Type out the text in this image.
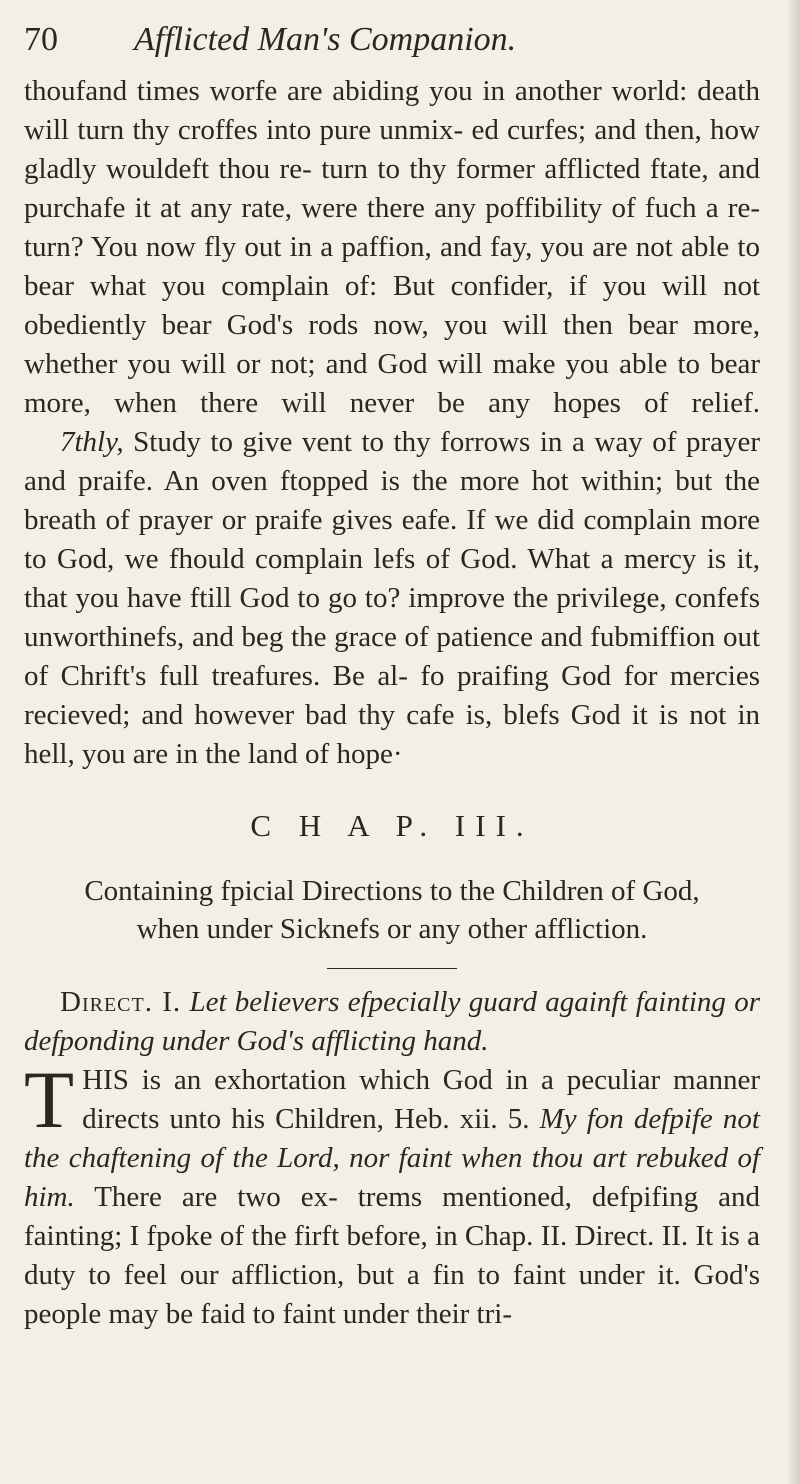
70	Afflicted Man's Companion.

thoufand times worfe are abiding you in another world: death will turn thy croffes into pure unmix- ed curfes; and then, how gladly wouldeft thou re- turn to thy former afflicted ftate, and purchafe it at any rate, were there any poffibility of fuch a re- turn? You now fly out in a paffion, and fay, you are not able to bear what you complain of: But confider, if you will not obediently bear God's rods now, you will then bear more, whether you will or not; and God will make you able to bear more, when there will never be any hopes of relief.

7thly, Study to give vent to thy forrows in a way of prayer and praife. An oven ftopped is the more hot within; but the breath of prayer or praife gives eafe. If we did complain more to God, we fhould complain lefs of God. What a mercy is it, that you have ftill God to go to? improve the privilege, confefs unworthinefs, and beg the grace of patience and fubmiffion out of Chrift's full treafures. Be al- fo praifing God for mercies recieved; and however bad thy cafe is, blefs God it is not in hell, you are in the land of hope·

C H A P. III.

Containing fpicial Directions to the Children of God,

when under Sicknefs or any other affliction.

Direct. I. Let believers efpecially guard againft fainting or defponding under God's afflicting hand.

THIS is an exhortation which God in a peculiar manner directs unto his Children, Heb. xii. 5. My fon defpife not the chaftening of the Lord, nor faint when thou art rebuked of him. There are two ex- trems mentioned, defpifing and fainting; I fpoke of the firft before, in Chap. II. Direct. II. It is a duty to feel our affliction, but a fin to faint under it. God's people may be faid to faint under their tri-
